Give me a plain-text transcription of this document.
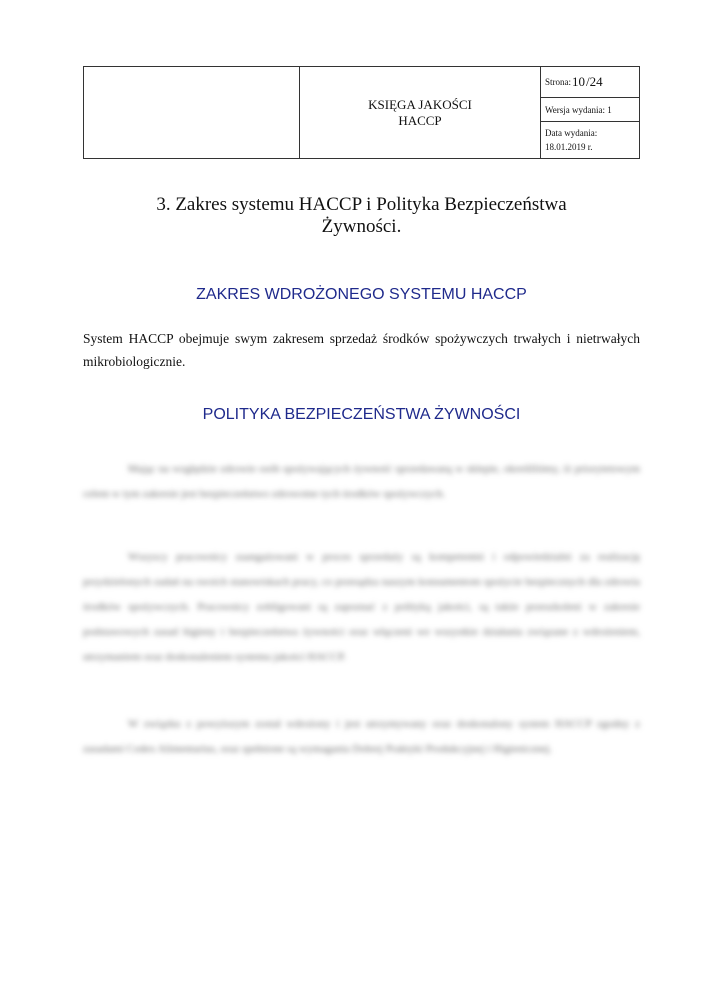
KSIĘGA JAKOŚCI
HACCP
Strona: 10 /24
Wersja wydania: 1
Data wydania:
18.01.2019 r.
3. Zakres systemu HACCP i Polityka Bezpieczeństwa
Żywności.
ZAKRES WDROŻONEGO SYSTEMU HACCP
System HACCP obejmuje swym zakresem sprzedaż środków spożywczych trwałych i nietrwałych mikrobiologicznie.
POLITYKA BEZPIECZEŃSTWA ŻYWNOŚCI
Mając na względzie zdrowie osób spożywających żywność sprzedawaną w sklepie, określiliśmy, iż priorytetowym celem w tym zakresie jest bezpieczeństwo zdrowotne tych środków spożywczych.
Wszyscy pracownicy zaangażowani w proces sprzedaży są kompetentni i odpowiedzialni za realizację przydzielonych zadań na swoich stanowiskach pracy, co przesądza naszym konsumentom spożycie bezpiecznych dla zdrowia środków spożywczych. Pracownicy zobligowani są zapoznać z polityką jakości, są także przeszkoleni w zakresie podstawowych zasad higieny i bezpieczeństwa żywności oraz włączeni we wszystkie działania związane z wdrożeniem, utrzymaniem oraz doskonaleniem systemu jakości HACCP.
W związku z powyższym został wdrożony i jest utrzymywany oraz doskonalony system HACCP zgodny z zasadami Codex Alimentarius, oraz spełnione są wymagania Dobrej Praktyki Produkcyjnej i Higienicznej.
